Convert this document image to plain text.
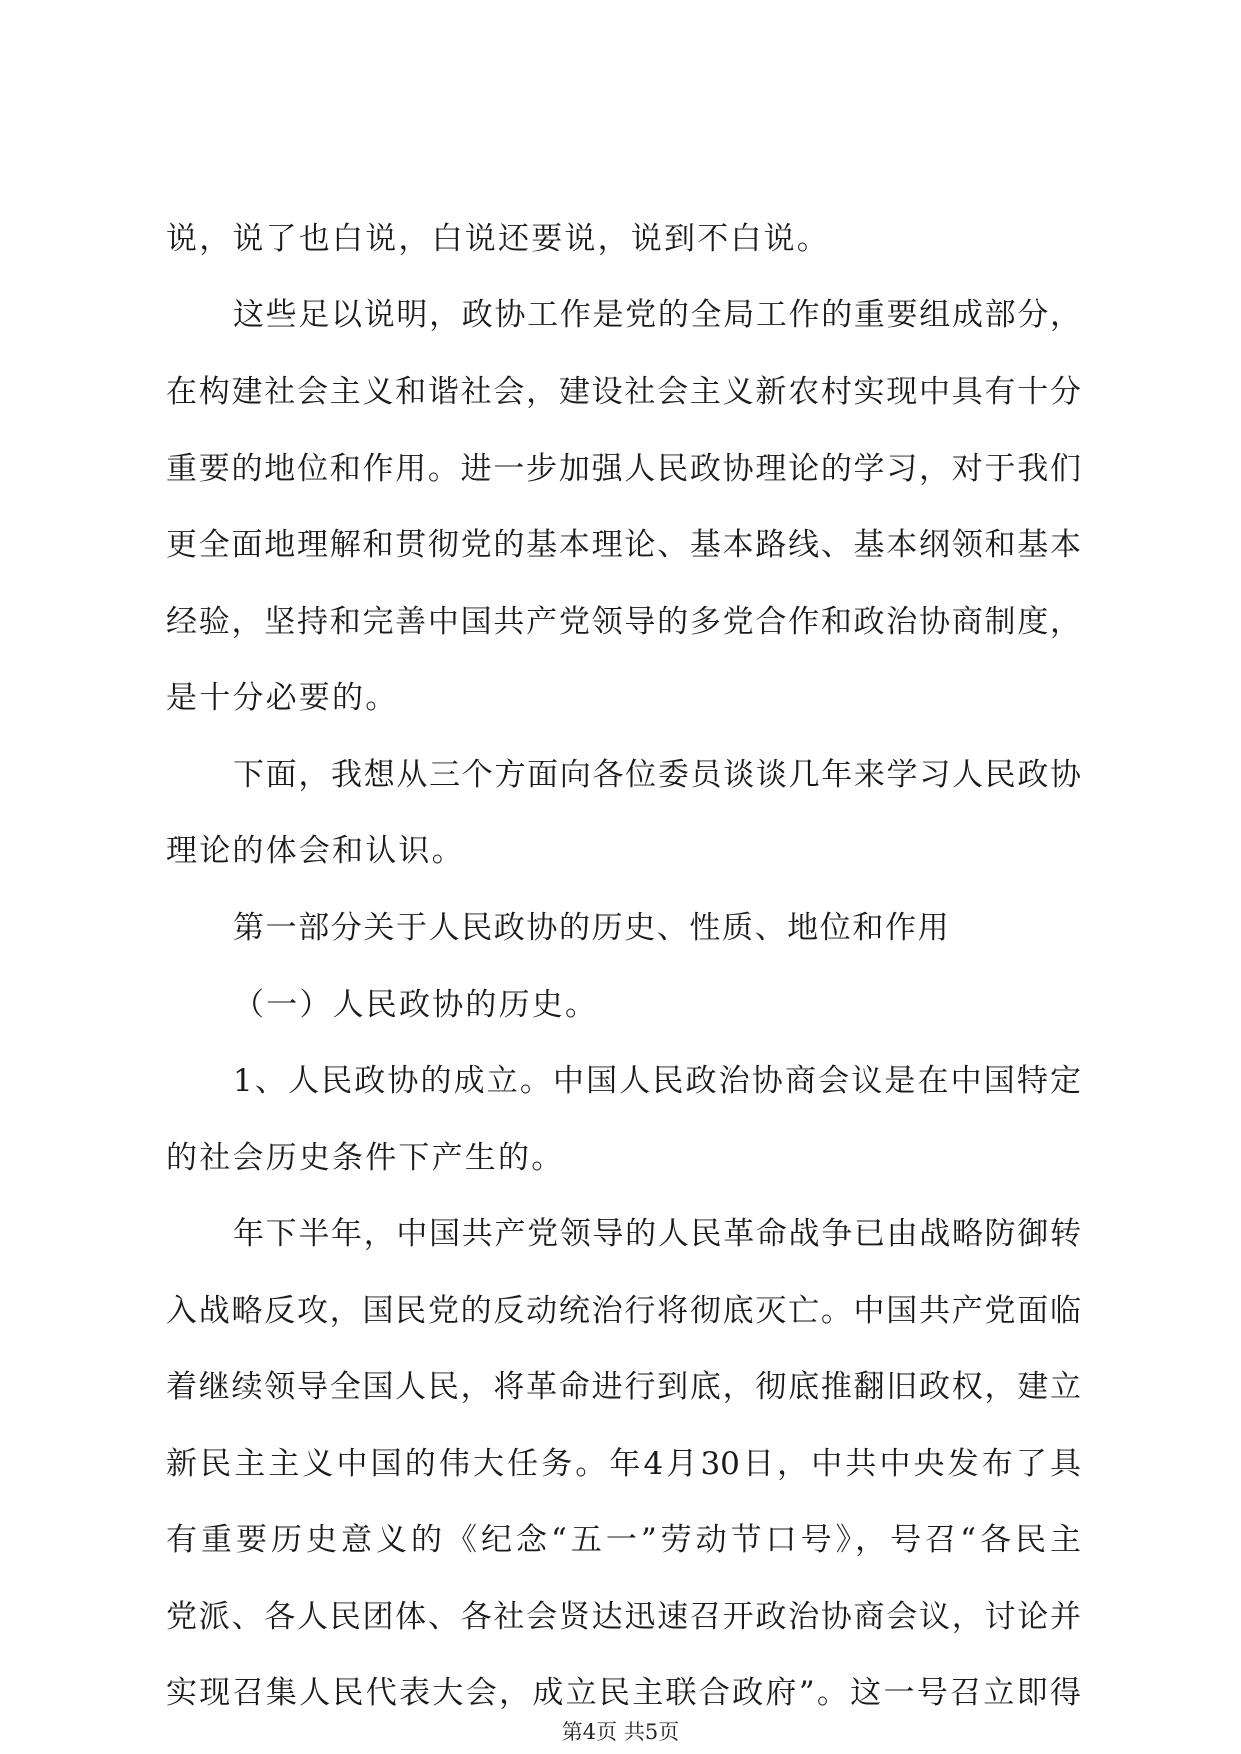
说，说了也白说，白说还要说，说到不白说。
这些足以说明，政协工作是党的全局工作的重要组成部分，
在构建社会主义和谐社会，建设社会主义新农村实现中具有十分
重要的地位和作用。进一步加强人民政协理论的学习，对于我们
更全面地理解和贯彻党的基本理论、基本路线、基本纲领和基本
经验，坚持和完善中国共产党领导的多党合作和政治协商制度，
是十分必要的。
下面，我想从三个方面向各位委员谈谈几年来学习人民政协
理论的体会和认识。
第一部分关于人民政协的历史、性质、地位和作用
（一）人民政协的历史。
1、人民政协的成立。中国人民政治协商会议是在中国特定
的社会历史条件下产生的。
年下半年，中国共产党领导的人民革命战争已由战略防御转
入战略反攻，国民党的反动统治行将彻底灭亡。中国共产党面临
着继续领导全国人民，将革命进行到底，彻底推翻旧政权，建立
新民主主义中国的伟大任务。年4月30日，中共中央发布了具
有重要历史意义的《纪念“五一”劳动节口号》，号召“各民主
党派、各人民团体、各社会贤达迅速召开政治协商会议，讨论并
实现召集人民代表大会，成立民主联合政府”。这一号召立即得
第4页 共5页
